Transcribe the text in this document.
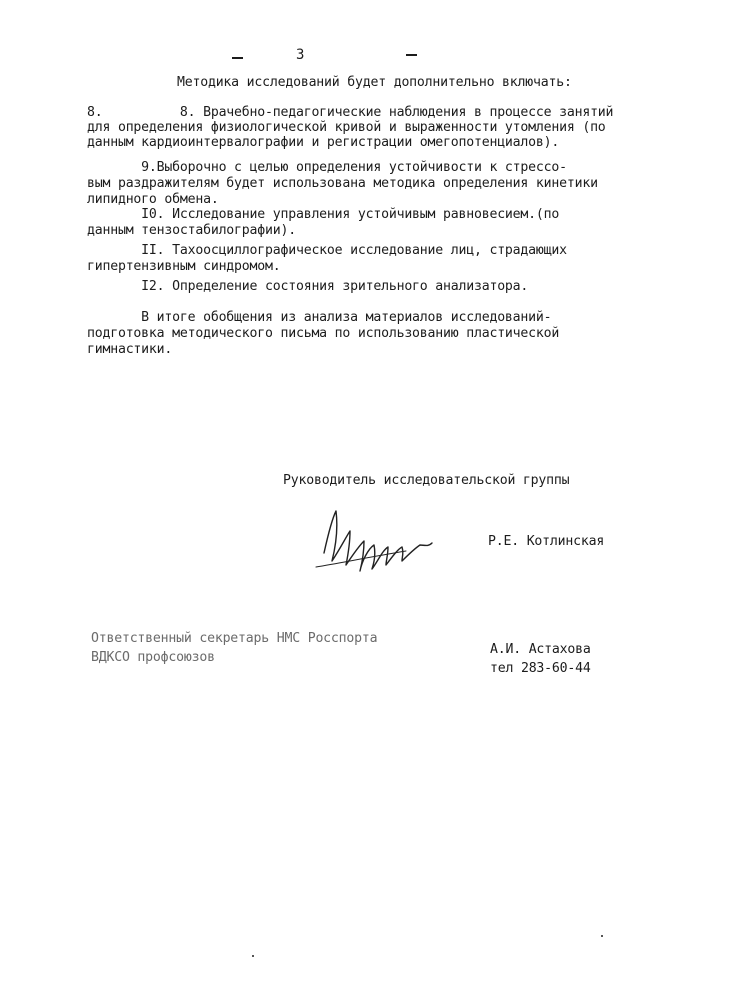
3
Методика исследований будет дополнительно включать:
8.          8. Врачебно-педагогические наблюдения в процессе занятий
для определения физиологической кривой и выраженности утомления (по
данным кардиоинтервалографии и регистрации омегопотенциалов).
9.Выборочно с целью определения устойчивости к стрессо-
вым раздражителям будет использована методика определения кинетики
липидного обмена.
I0. Исследование управления устойчивым равновесием.(по
данным тензостабилографии).
II. Тахоосциллографическое исследование лиц, страдающих
гипертензивным синдромом.
I2. Определение состояния зрительного анализатора.
В итоге обобщения из анализа материалов исследований-
подготовка методического письма по использованию пластической
гимнастики.
Руководитель исследовательской группы
Р.Е. Котлинская
Ответственный секретарь НМС Росспорта
ВДКСО профсоюзов
А.И. Астахова
тел 283-60-44
